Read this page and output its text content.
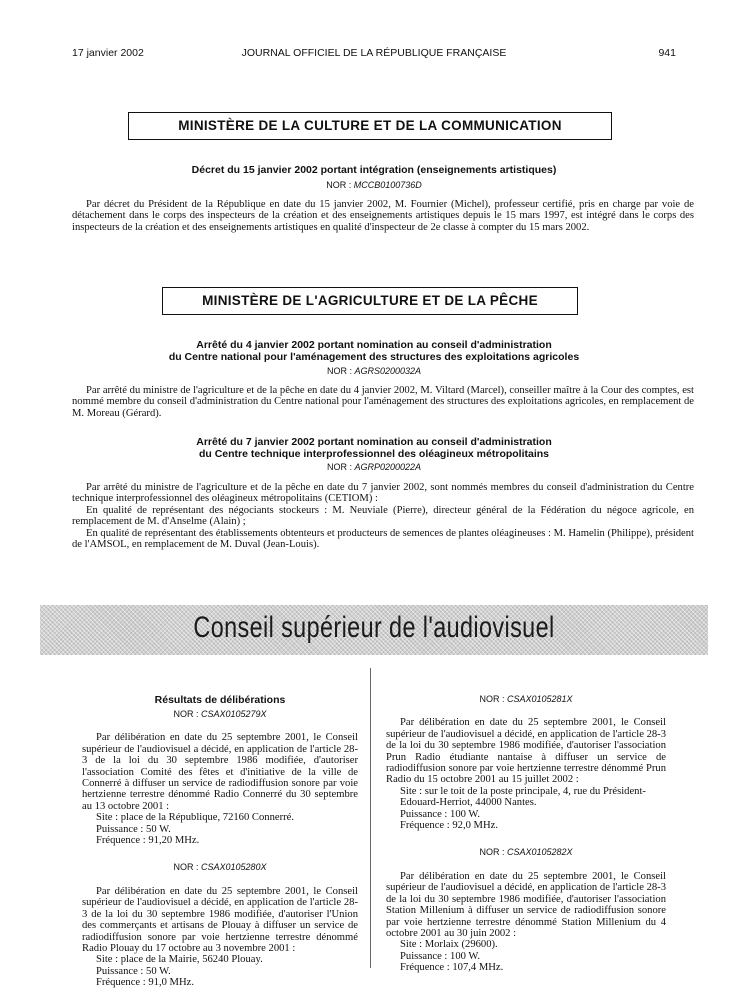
17 janvier 2002	JOURNAL OFFICIEL DE LA RÉPUBLIQUE FRANÇAISE	941
MINISTÈRE DE LA CULTURE ET DE LA COMMUNICATION
Décret du 15 janvier 2002 portant intégration (enseignements artistiques)
NOR : MCCB0100736D

Par décret du Président de la République en date du 15 janvier 2002, M. Fournier (Michel), professeur certifié, pris en charge par voie de détachement dans le corps des inspecteurs de la création et des enseignements artistiques depuis le 15 mars 1997, est intégré dans le corps des inspecteurs de la création et des enseignements artistiques en qualité d'inspecteur de 2e classe à compter du 15 mars 2002.

MINISTÈRE DE L'AGRICULTURE ET DE LA PÊCHE
Arrêté du 4 janvier 2002 portant nomination au conseil d'administration
du Centre national pour l'aménagement des structures des exploitations agricoles
NOR : AGRS0200032A

Par arrêté du ministre de l'agriculture et de la pêche en date du 4 janvier 2002, M. Viltard (Marcel), conseiller maître à la Cour des comptes, est nommé membre du conseil d'administration du Centre national pour l'aménagement des structures des exploitations agricoles, en remplacement de M. Moreau (Gérard).

Arrêté du 7 janvier 2002 portant nomination au conseil d'administration
du Centre technique interprofessionnel des oléagineux métropolitains
NOR : AGRP0200022A

Par arrêté du ministre de l'agriculture et de la pêche en date du 7 janvier 2002, sont nommés membres du conseil d'administration du Centre technique interprofessionnel des oléagineux métropolitains (CETIOM) :

En qualité de représentant des négociants stockeurs : M. Neuviale (Pierre), directeur général de la Fédération du négoce agricole, en remplacement de M. d'Anselme (Alain) ;

En qualité de représentant des établissements obtenteurs et producteurs de semences de plantes oléagineuses : M. Hamelin (Philippe), président de l'AMSOL, en remplacement de M. Duval (Jean-Louis).

Conseil supérieur de l'audiovisuel
Résultats de délibérations
NOR : CSAX0105279X

Par délibération en date du 25 septembre 2001, le Conseil supérieur de l'audiovisuel a décidé, en application de l'article 28-3 de la loi du 30 septembre 1986 modifiée, d'autoriser l'association Comité des fêtes et d'initiative de la ville de Connerré à diffuser un service de radiodiffusion sonore par voie hertzienne terrestre dénommé Radio Connerré du 30 septembre au 13 octobre 2001 :

Site : place de la République, 72160 Connerré.

Puissance : 50 W.

Fréquence : 91,20 MHz.

NOR : CSAX0105280X

Par délibération en date du 25 septembre 2001, le Conseil supérieur de l'audiovisuel a décidé, en application de l'article 28-3 de la loi du 30 septembre 1986 modifiée, d'autoriser l'Union des commerçants et artisans de Plouay à diffuser un service de radiodiffusion sonore par voie hertzienne terrestre dénommé Radio Plouay du 17 octobre au 3 novembre 2001 :

Site : place de la Mairie, 56240 Plouay.

Puissance : 50 W.

Fréquence : 91,0 MHz.

NOR : CSAX0105281X

Par délibération en date du 25 septembre 2001, le Conseil supérieur de l'audiovisuel a décidé, en application de l'article 28-3 de la loi du 30 septembre 1986 modifiée, d'autoriser l'association Prun Radio étudiante nantaise à diffuser un service de radiodiffusion sonore par voie hertzienne terrestre dénommé Prun Radio du 15 octobre 2001 au 15 juillet 2002 :

Site : sur le toit de la poste principale, 4, rue du Président-Edouard-Herriot, 44000 Nantes.

Puissance : 100 W.

Fréquence : 92,0 MHz.

NOR : CSAX0105282X

Par délibération en date du 25 septembre 2001, le Conseil supérieur de l'audiovisuel a décidé, en application de l'article 28-3 de la loi du 30 septembre 1986 modifiée, d'autoriser l'association Station Millenium à diffuser un service de radiodiffusion sonore par voie hertzienne terrestre dénommé Station Millenium du 4 octobre 2001 au 30 juin 2002 :

Site : Morlaix (29600).

Puissance : 100 W.

Fréquence : 107,4 MHz.
